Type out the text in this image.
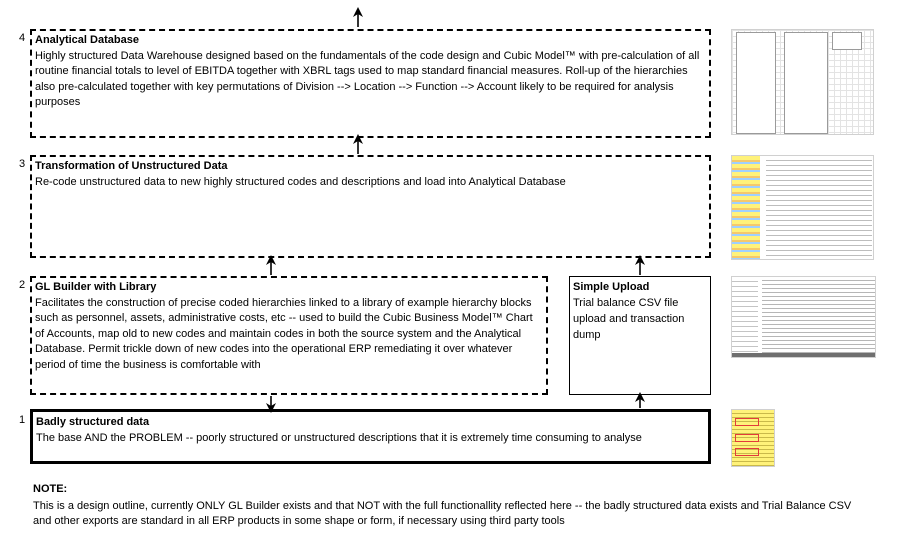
4 Analytical Database
Highly structured Data Warehouse designed based on the fundamentals of the code design and Cubic Model™ with pre-calculation of all routine financial totals to level of EBITDA together with XBRL tags used to map standard financial measures. Roll-up of the hierarchies also pre-calculated together with key permutations of Division --> Location --> Function --> Account likely to be required for analysis purposes
3 Transformation of Unstructured Data
Re-code unstructured data to new highly structured codes and descriptions and load into Analytical Database
2 GL Builder with Library
Facilitates the construction of precise coded hierarchies linked to a library of example hierarchy blocks such as personnel, assets, administrative costs, etc -- used to build the Cubic Business Model™ Chart of Accounts, map old to new codes and maintain codes in both the source system and the Analytical Database. Permit trickle down of new codes into the operational ERP remediating it over whatever period of time the business is comfortable with
Simple Upload
Trial balance CSV file upload and transaction dump
1 Badly structured data
The base AND the PROBLEM -- poorly structured or unstructured descriptions that it is extremely time consuming to analyse
NOTE:
This is a design outline, currently ONLY GL Builder exists and that NOT with the full functionallity reflected here -- the badly structured data exists and Trial Balance CSV and other exports are standard in all ERP products in some shape or form, if necessary using third party tools
